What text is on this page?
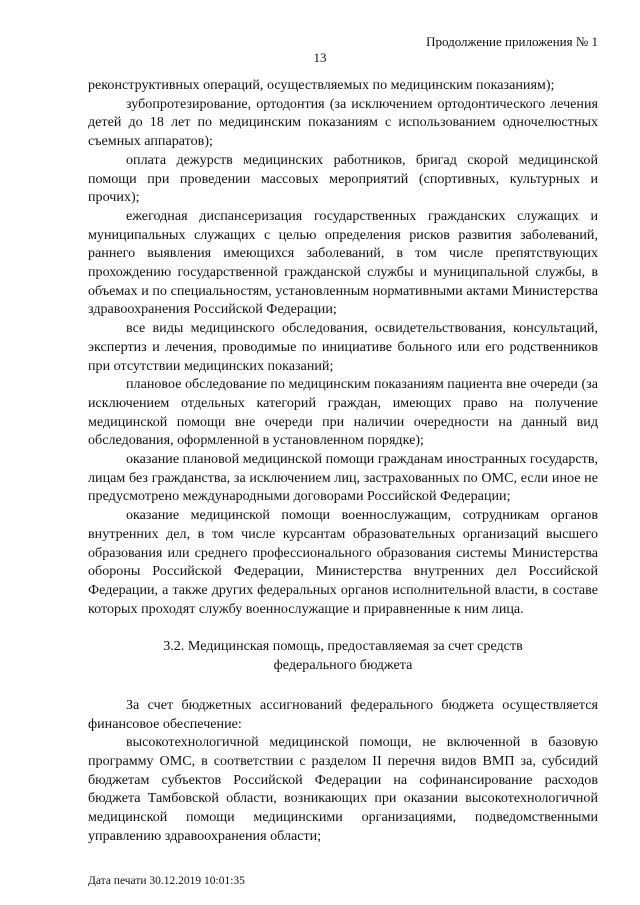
Продолжение приложения № 1
13

реконструктивных операций, осуществляемых по медицинским показаниям);

зубопротезирование, ортодонтия (за исключением ортодонтического лечения детей до 18 лет по медицинским показаниям с использованием одночелюстных съемных аппаратов);

оплата дежурств медицинских работников, бригад скорой медицинской помощи при проведении массовых мероприятий (спортивных, культурных и прочих);

ежегодная диспансеризация государственных гражданских служащих и муниципальных служащих с целью определения рисков развития заболеваний, раннего выявления имеющихся заболеваний, в том числе препятствующих прохождению государственной гражданской службы и муниципальной службы, в объемах и по специальностям, установленным нормативными актами Министерства здравоохранения Российской Федерации;

все виды медицинского обследования, освидетельствования, консультаций, экспертиз и лечения, проводимые по инициативе больного или его родственников при отсутствии медицинских показаний;

плановое обследование по медицинским показаниям пациента вне очереди (за исключением отдельных категорий граждан, имеющих право на получение медицинской помощи вне очереди при наличии очередности на данный вид обследования, оформленной в установленном порядке);

оказание плановой медицинской помощи гражданам иностранных государств, лицам без гражданства, за исключением лиц, застрахованных по ОМС, если иное не предусмотрено международными договорами Российской Федерации;

оказание медицинской помощи военнослужащим, сотрудникам органов внутренних дел, в том числе курсантам образовательных организаций высшего образования или среднего профессионального образования системы Министерства обороны Российской Федерации, Министерства внутренних дел Российской Федерации, а также других федеральных органов исполнительной власти, в составе которых проходят службу военнослужащие и приравненные к ним лица.

3.2. Медицинская помощь, предоставляемая за счет средств
федерального бюджета

За счет бюджетных ассигнований федерального бюджета осуществляется финансовое обеспечение:

высокотехнологичной медицинской помощи, не включенной в базовую программу ОМС, в соответствии с разделом II перечня видов ВМП за, субсидий бюджетам субъектов Российской Федерации на софинансирование расходов бюджета Тамбовской области, возникающих при оказании высокотехнологичной медицинской помощи медицинскими организациями, подведомственными управлению здравоохранения области;

Дата печати 30.12.2019 10:01:35
